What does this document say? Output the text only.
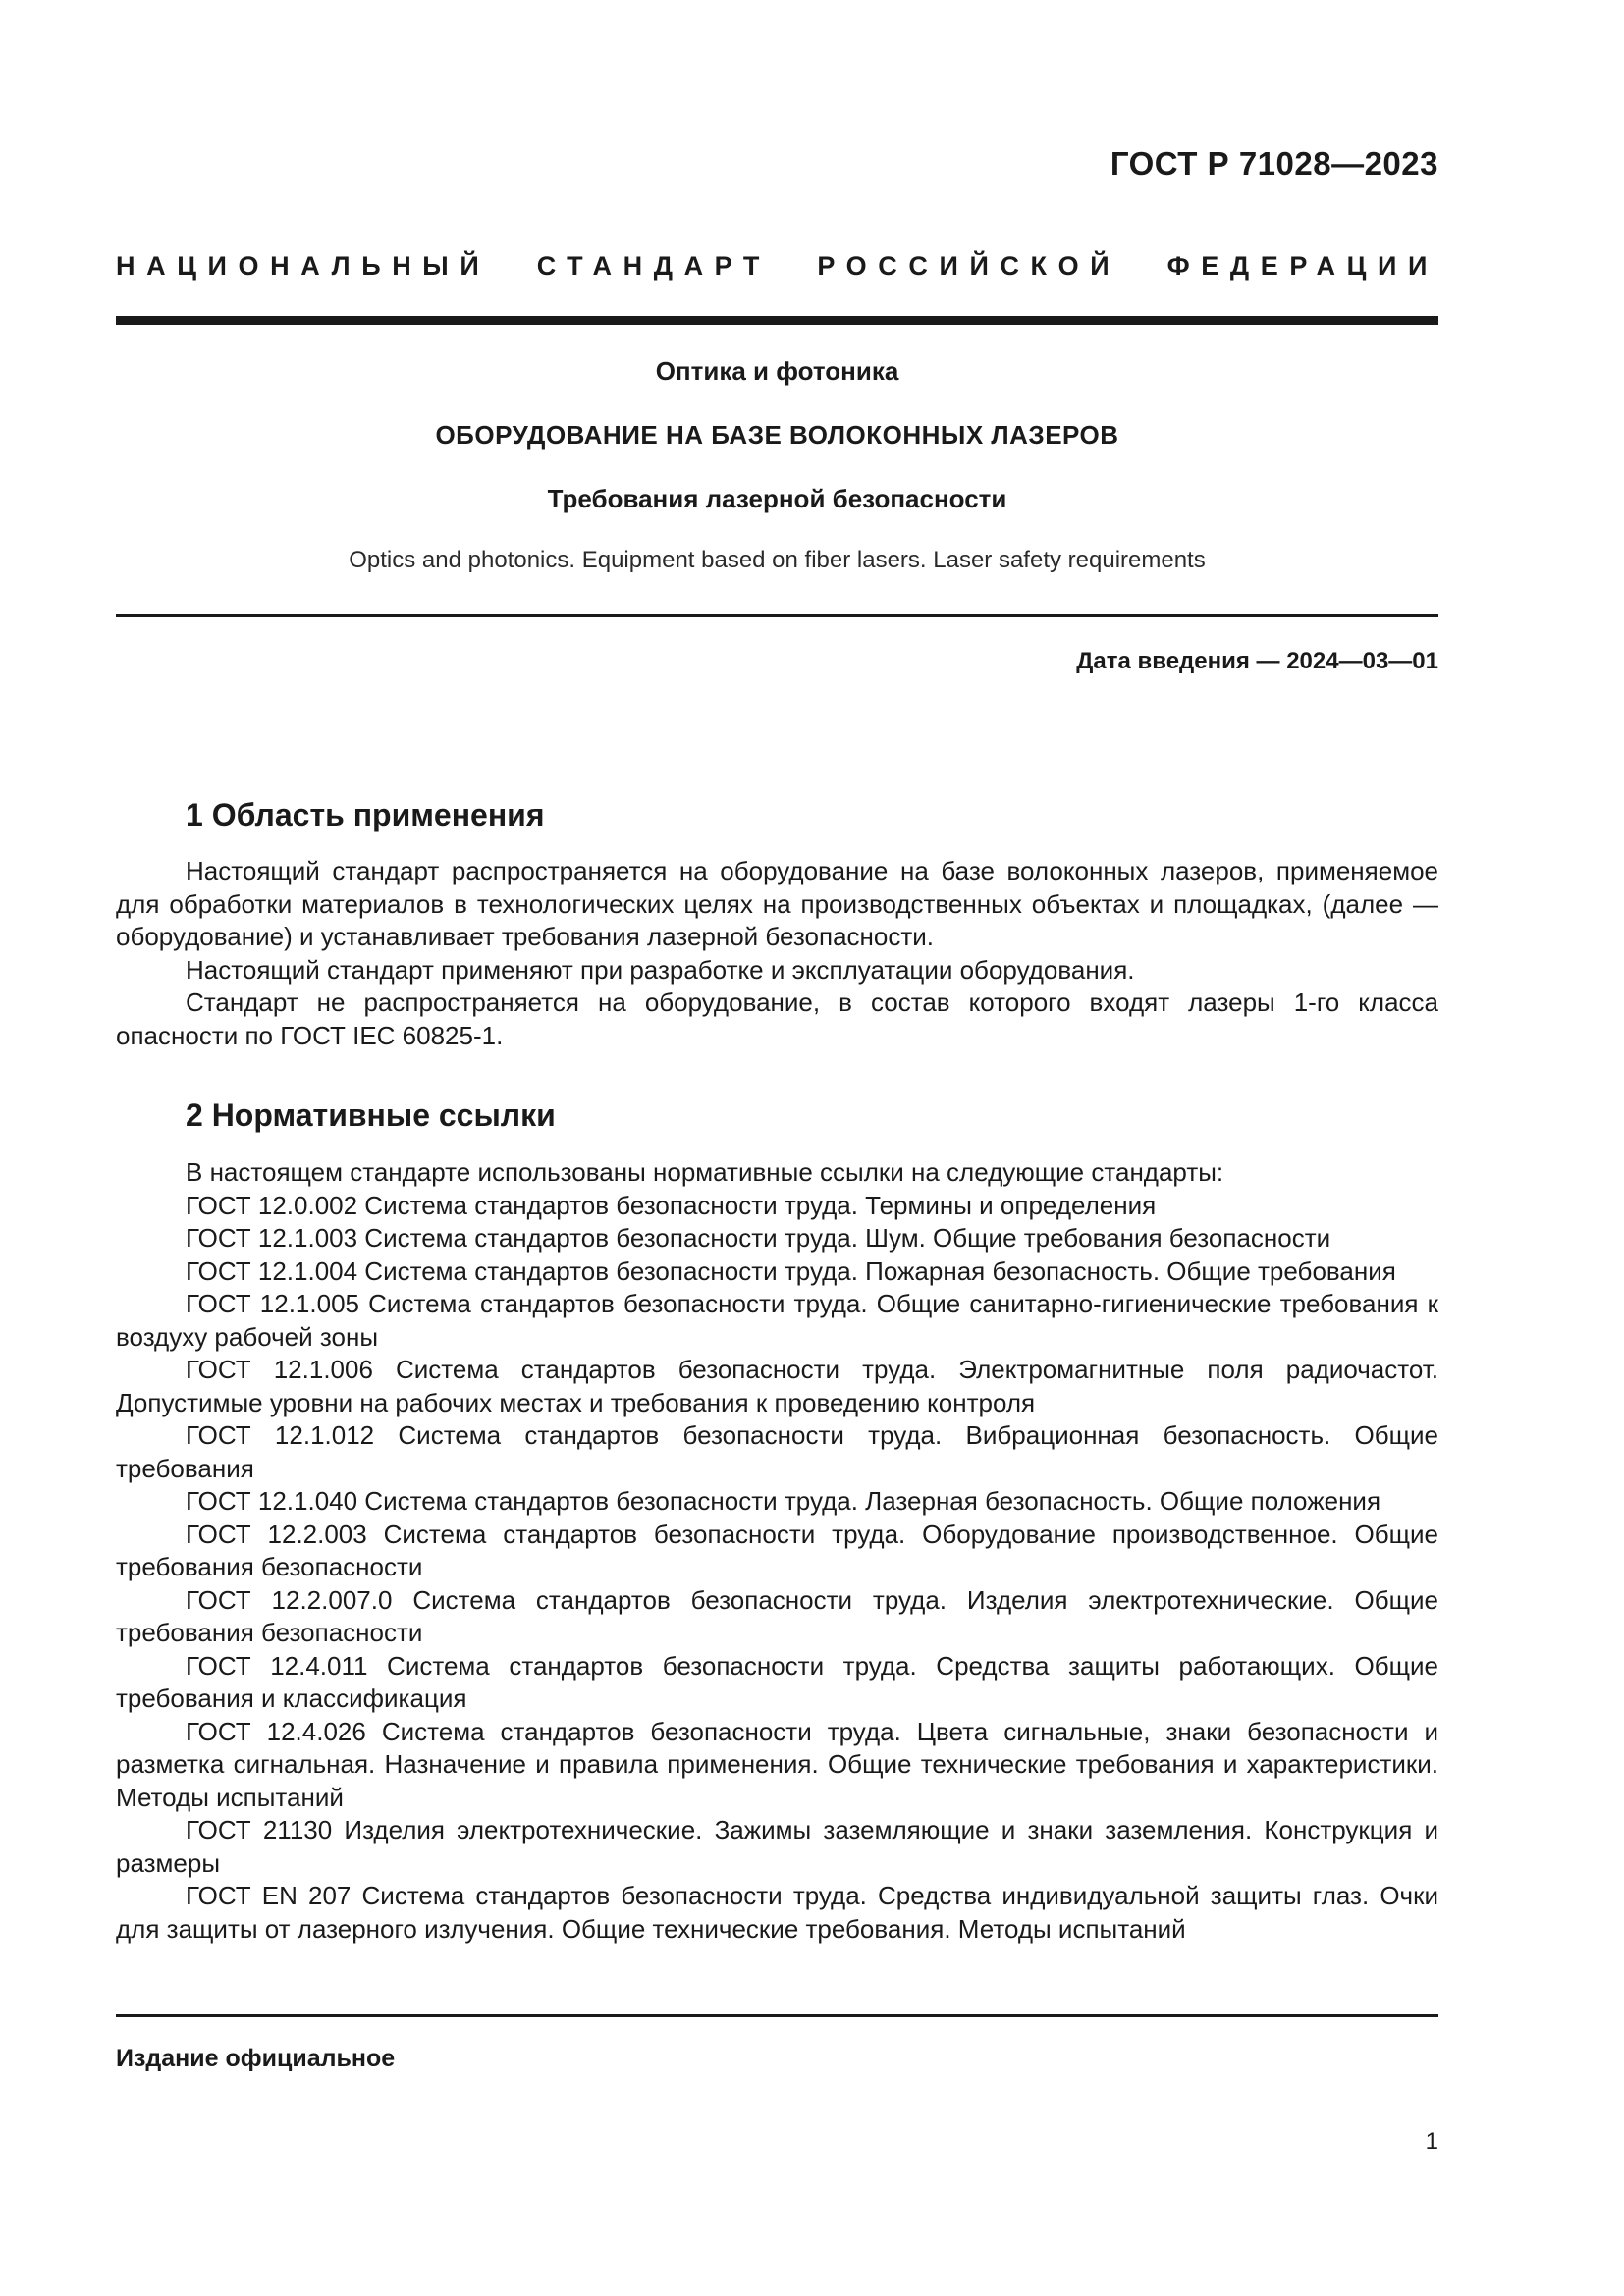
ГОСТ Р 71028—2023
НАЦИОНАЛЬНЫЙ СТАНДАРТ РОССИЙСКОЙ ФЕДЕРАЦИИ
Оптика и фотоника
ОБОРУДОВАНИЕ НА БАЗЕ ВОЛОКОННЫХ ЛАЗЕРОВ
Требования лазерной безопасности
Optics and photonics. Equipment based on fiber lasers. Laser safety requirements
Дата введения — 2024—03—01
1 Область применения

Настоящий стандарт распространяется на оборудование на базе волоконных лазеров, применяемое для обработки материалов в технологических целях на производственных объектах и площадках, (далее — оборудование) и устанавливает требования лазерной безопасности.

Настоящий стандарт применяют при разработке и эксплуатации оборудования.

Стандарт не распространяется на оборудование, в состав которого входят лазеры 1-го класса опасности по ГОСТ IEC 60825-1.

2 Нормативные ссылки

В настоящем стандарте использованы нормативные ссылки на следующие стандарты:

ГОСТ 12.0.002 Система стандартов безопасности труда. Термины и определения

ГОСТ 12.1.003 Система стандартов безопасности труда. Шум. Общие требования безопасности

ГОСТ 12.1.004 Система стандартов безопасности труда. Пожарная безопасность. Общие требования

ГОСТ 12.1.005 Система стандартов безопасности труда. Общие санитарно-гигиенические требования к воздуху рабочей зоны

ГОСТ 12.1.006 Система стандартов безопасности труда. Электромагнитные поля радиочастот. Допустимые уровни на рабочих местах и требования к проведению контроля

ГОСТ 12.1.012 Система стандартов безопасности труда. Вибрационная безопасность. Общие требования

ГОСТ 12.1.040 Система стандартов безопасности труда. Лазерная безопасность. Общие положения

ГОСТ 12.2.003 Система стандартов безопасности труда. Оборудование производственное. Общие требования безопасности

ГОСТ 12.2.007.0 Система стандартов безопасности труда. Изделия электротехнические. Общие требования безопасности

ГОСТ 12.4.011 Система стандартов безопасности труда. Средства защиты работающих. Общие требования и классификация

ГОСТ 12.4.026 Система стандартов безопасности труда. Цвета сигнальные, знаки безопасности и разметка сигнальная. Назначение и правила применения. Общие технические требования и характеристики. Методы испытаний

ГОСТ 21130 Изделия электротехнические. Зажимы заземляющие и знаки заземления. Конструкция и размеры

ГОСТ EN 207 Система стандартов безопасности труда. Средства индивидуальной защиты глаз. Очки для защиты от лазерного излучения. Общие технические требования. Методы испытаний

Издание официальное
1
